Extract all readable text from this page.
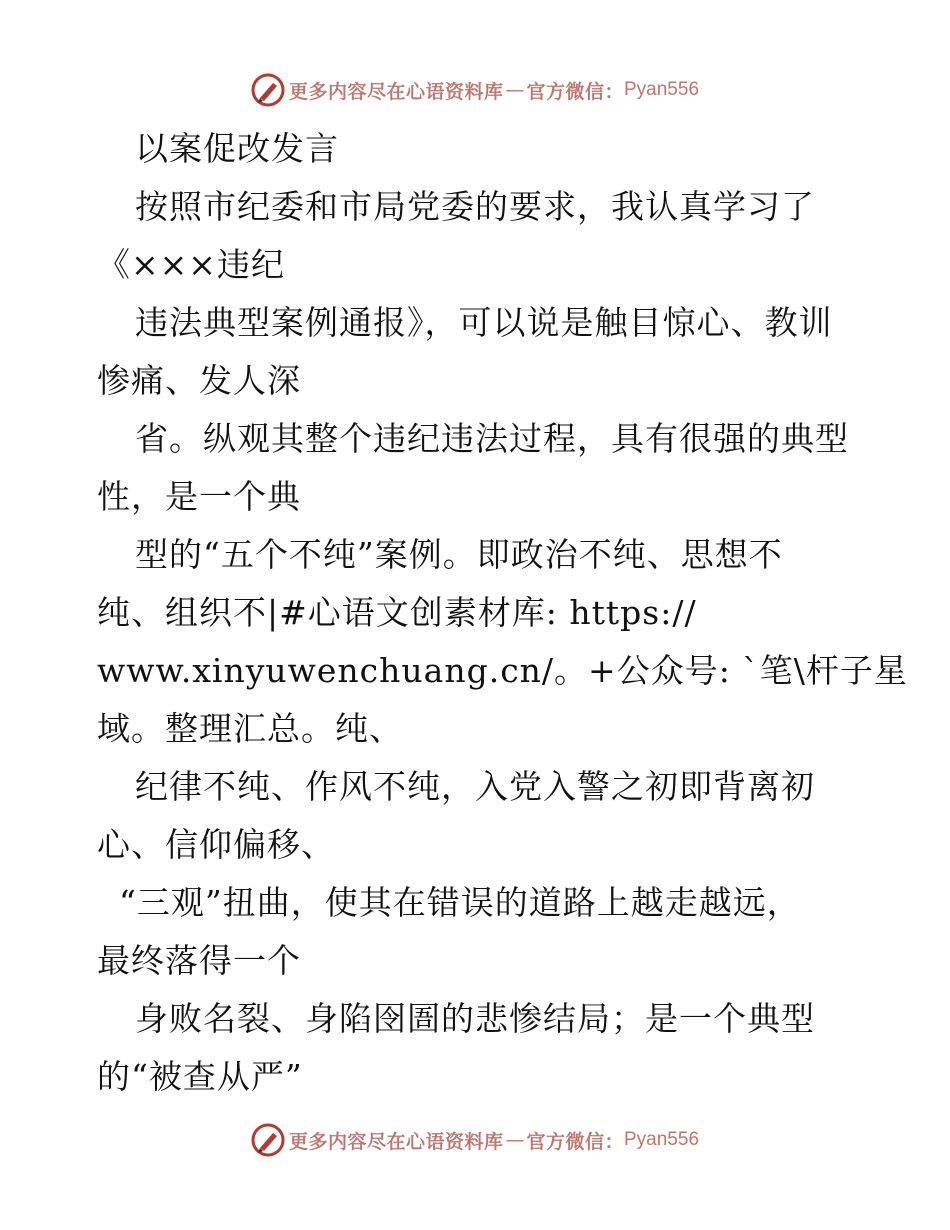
更多内容尽在心语资料库 — 官方微信： Pyan556
以案促改发言
按照市纪委和市局党委的要求，我认真学习了
《×××违纪
违法典型案例通报》，可以说是触目惊心、教训
惨痛、发人深
省。纵观其整个违纪违法过程，具有很强的典型
性，是一个典
型的“五个不纯”案例。即政治不纯、思想不
纯、组织不|#心语文创素材库: https://
www.xinyuwenchuang.cn/。+公众号: `笔\杆子星
域。整理汇总。纯、
纪律不纯、作风不纯，入党入警之初即背离初
心、信仰偏移、
“三观”扭曲，使其在错误的道路上越走越远，
最终落得一个
身败名裂、身陷囹圄的悲惨结局；是一个典型
的“被查从严”
更多内容尽在心语资料库 — 官方微信： Pyan556
